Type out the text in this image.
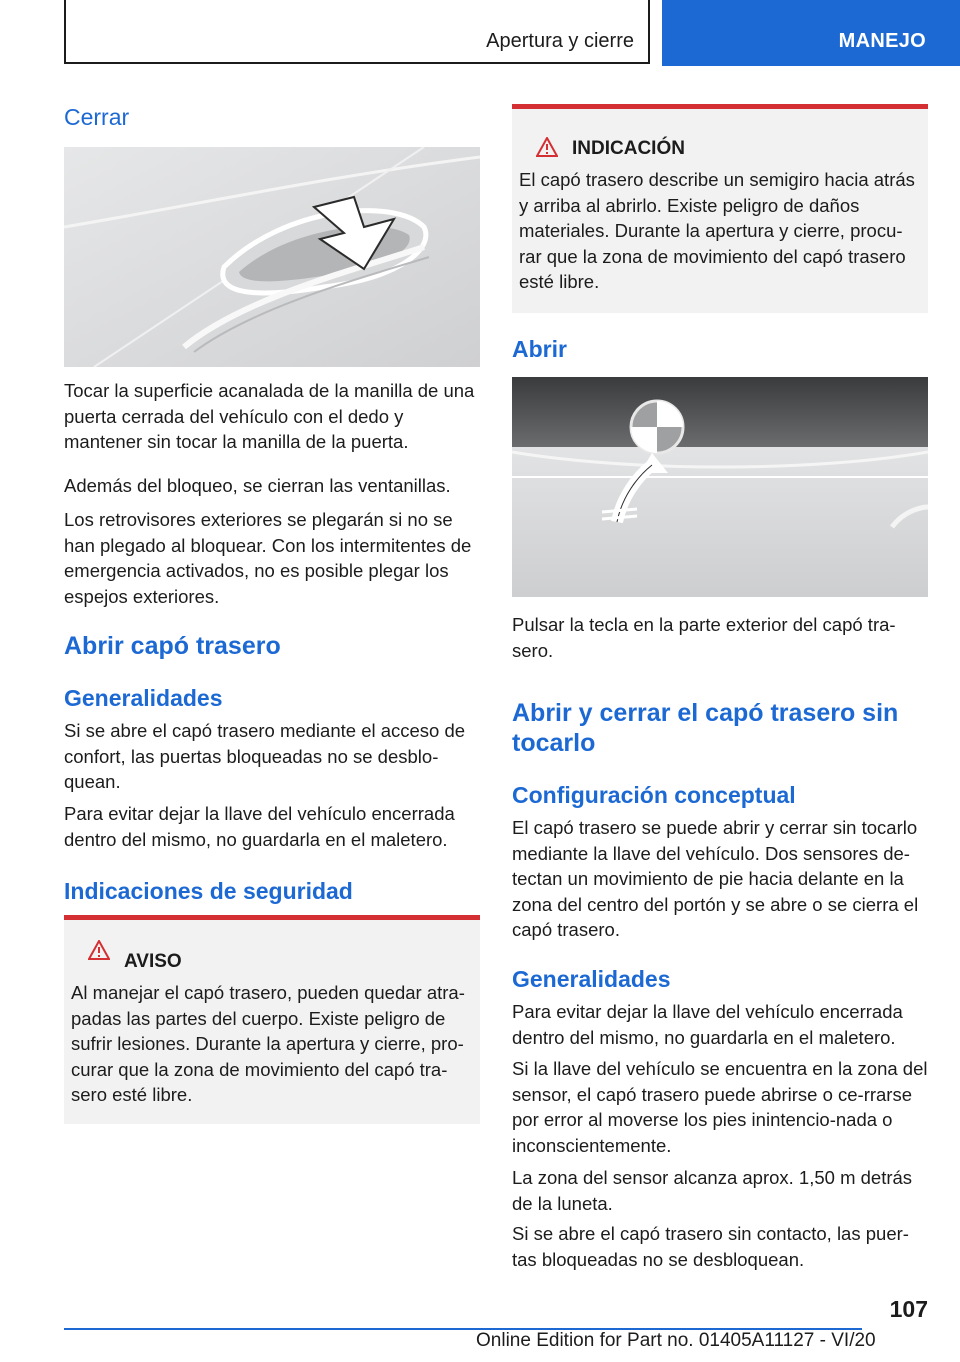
Apertura y cierre	MANEJO
Cerrar
Tocar la superficie acanalada de la manilla de una puerta cerrada del vehículo con el dedo y mantener sin tocar la manilla de la puerta.
Además del bloqueo, se cierran las ventanillas.
Los retrovisores exteriores se plegarán si no se han plegado al bloquear. Con los intermitentes de emergencia activados, no es posible plegar los espejos exteriores.
Abrir capó trasero
Generalidades
Si se abre el capó trasero mediante el acceso de confort, las puertas bloqueadas no se desblo-quean.
Para evitar dejar la llave del vehículo encerrada dentro del mismo, no guardarla en el maletero.
Indicaciones de seguridad
AVISO
Al manejar el capó trasero, pueden quedar atra-padas las partes del cuerpo. Existe peligro de sufrir lesiones. Durante la apertura y cierre, pro-curar que la zona de movimiento del capó tra-sero esté libre.
INDICACIÓN
El capó trasero describe un semigiro hacia atrás y arriba al abrirlo. Existe peligro de daños materiales. Durante la apertura y cierre, procu-rar que la zona de movimiento del capó trasero esté libre.
Abrir
Pulsar la tecla en la parte exterior del capó tra-sero.
Abrir y cerrar el capó trasero sin tocarlo
Configuración conceptual
El capó trasero se puede abrir y cerrar sin tocarlo mediante la llave del vehículo. Dos sensores de-tectan un movimiento de pie hacia delante en la zona del centro del portón y se abre o se cierra el capó trasero.
Generalidades
Para evitar dejar la llave del vehículo encerrada dentro del mismo, no guardarla en el maletero.
Si la llave del vehículo se encuentra en la zona del sensor, el capó trasero puede abrirse o ce-rrarse por error al moverse los pies inintencio-nada o inconscientemente.
La zona del sensor alcanza aprox. 1,50 m detrás de la luneta.
Si se abre el capó trasero sin contacto, las puer-tas bloqueadas no se desbloquean.
107
Online Edition for Part no. 01405A11127 - VI/20
